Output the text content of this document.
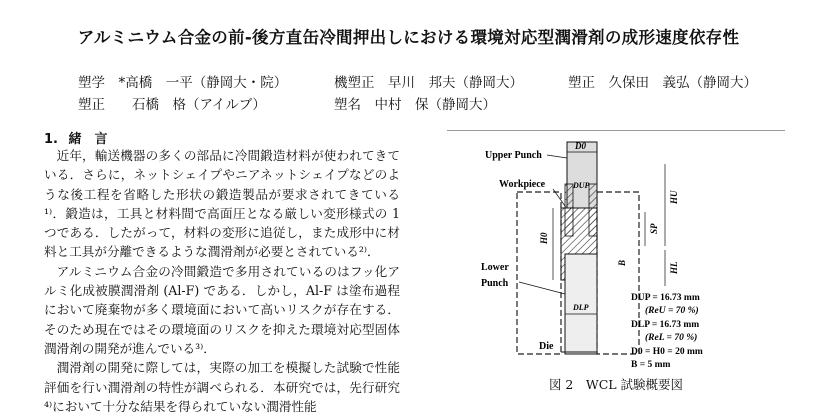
アルミニウム合金の前-後方直缶冷間押出しにおける環境対応型潤滑剤の成形速度依存性
塑学　*高橋　一平（静岡大・院）	機塑正　早川　邦夫（静岡大）	塑正　久保田　義弘（静岡大）
塑正　　石橋　格（アイルブ）	塑名　中村　保（静岡大）
1. 緒　言

近年，輸送機器の多くの部品に冷間鍛造材料が使われてきている．さらに，ネットシェイプやニアネットシェイプなどのような後工程を省略した形状の鍛造製品が要求されてきている¹⁾．鍛造は，工具と材料間で高面圧となる厳しい変形様式の 1 つである．したがって，材料の変形に追従し，また成形中に材料と工具が分離できるような潤滑剤が必要とされている²⁾．

アルミニウム合金の冷間鍛造で多用されているのはフッ化アルミ化成被膜潤滑剤 (Al-F) である．しかし，Al-F は塗布過程において廃棄物が多く環境面において高いリスクが存在する．そのため現在ではその環境面のリスクを抑えた環境対応型固体潤滑剤の開発が進んでいる³⁾．

潤滑剤の開発に際しては，実際の加工を模擬した試験で性能評価を行い潤滑剤の特性が調べられる．本研究では，先行研究⁴⁾において十分な結果を得られていない潤滑性能

Upper Punch
Workpiece
Lower
Punch
Die
D0
DUP
H0
B
SP
HU
HL
DLP
DUP = 16.73 mm
(ReU = 70 %)
DLP = 16.73 mm
(ReL = 70 %)
D0 = H0 = 20 mm
B = 5 mm
図 2　WCL 試験概要図
